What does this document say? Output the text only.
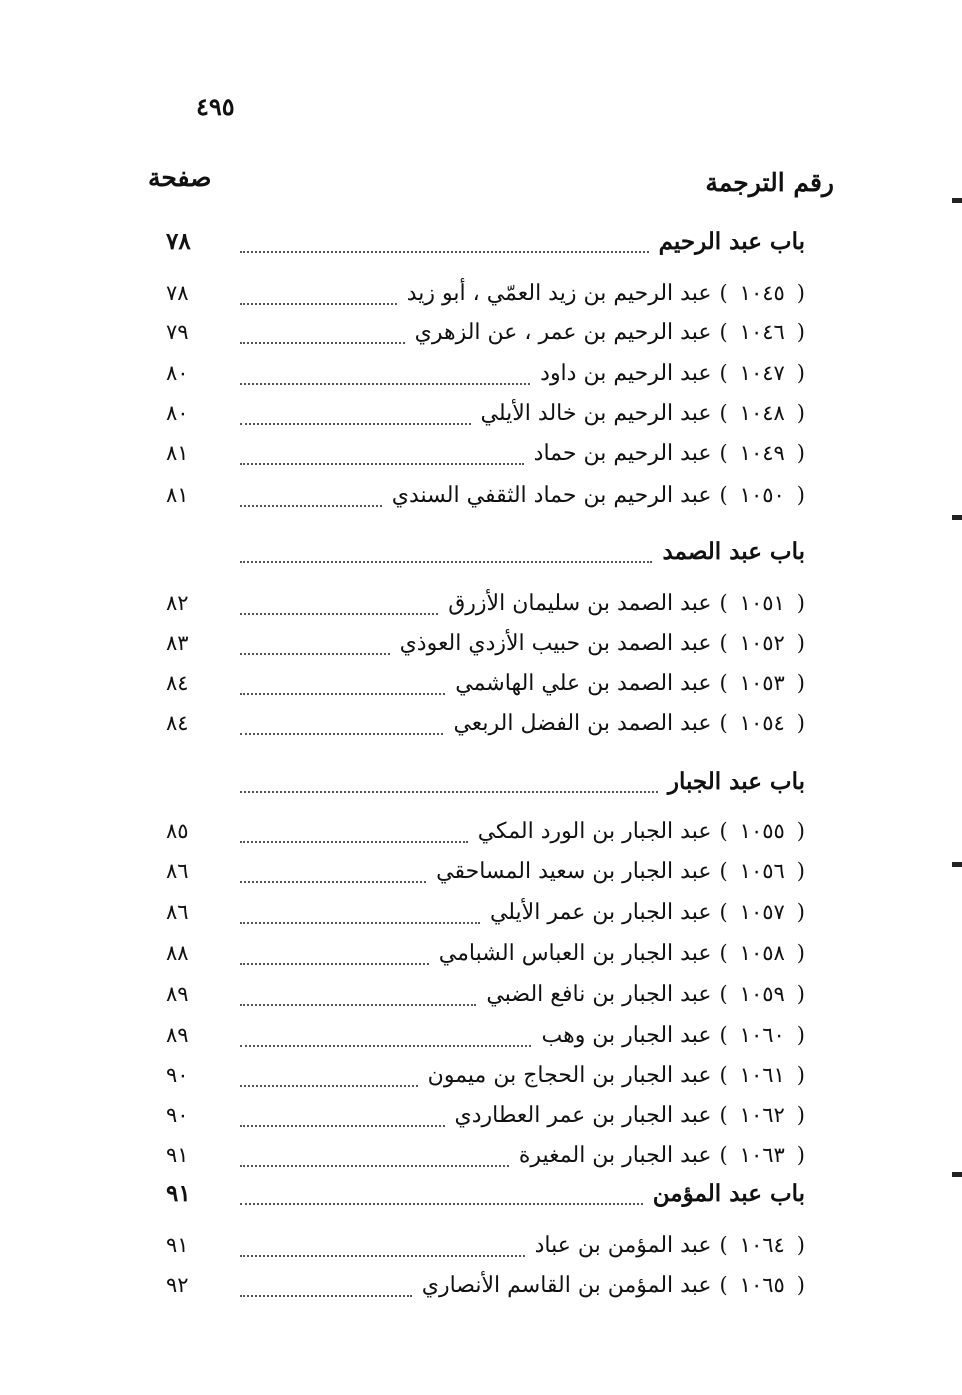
٤٩٥
رقم الترجمة
صفحة
باب عبد الرحيم
٧٨
(
١٠٤٥
)
عبد الرحيم بن زيد العمّي ، أبو زيد
٧٨
(
١٠٤٦
)
عبد الرحيم بن عمر ، عن الزهري
٧٩
(
١٠٤٧
)
عبد الرحيم بن داود
٨٠
(
١٠٤٨
)
عبد الرحيم بن خالد الأيلي
٨٠
(
١٠٤٩
)
عبد الرحيم بن حماد
٨١
(
١٠٥٠
)
عبد الرحيم بن حماد الثقفي السندي
٨١
باب عبد الصمد
(
١٠٥١
)
عبد الصمد بن سليمان الأزرق
٨٢
(
١٠٥٢
)
عبد الصمد بن حبيب الأزدي العوذي
٨٣
(
١٠٥٣
)
عبد الصمد بن علي الهاشمي
٨٤
(
١٠٥٤
)
عبد الصمد بن الفضل الربعي
٨٤
باب عبد الجبار
(
١٠٥٥
)
عبد الجبار بن الورد المكي
٨٥
(
١٠٥٦
)
عبد الجبار بن سعيد المساحقي
٨٦
(
١٠٥٧
)
عبد الجبار بن عمر الأيلي
٨٦
(
١٠٥٨
)
عبد الجبار بن العباس الشبامي
٨٨
(
١٠٥٩
)
عبد الجبار بن نافع الضبي
٨٩
(
١٠٦٠
)
عبد الجبار بن وهب
٨٩
(
١٠٦١
)
عبد الجبار بن الحجاج بن ميمون
٩٠
(
١٠٦٢
)
عبد الجبار بن عمر العطاردي
٩٠
(
١٠٦٣
)
عبد الجبار بن المغيرة
٩١
باب عبد المؤمن
٩١
(
١٠٦٤
)
عبد المؤمن بن عباد
٩١
(
١٠٦٥
)
عبد المؤمن بن القاسم الأنصاري
٩٢
